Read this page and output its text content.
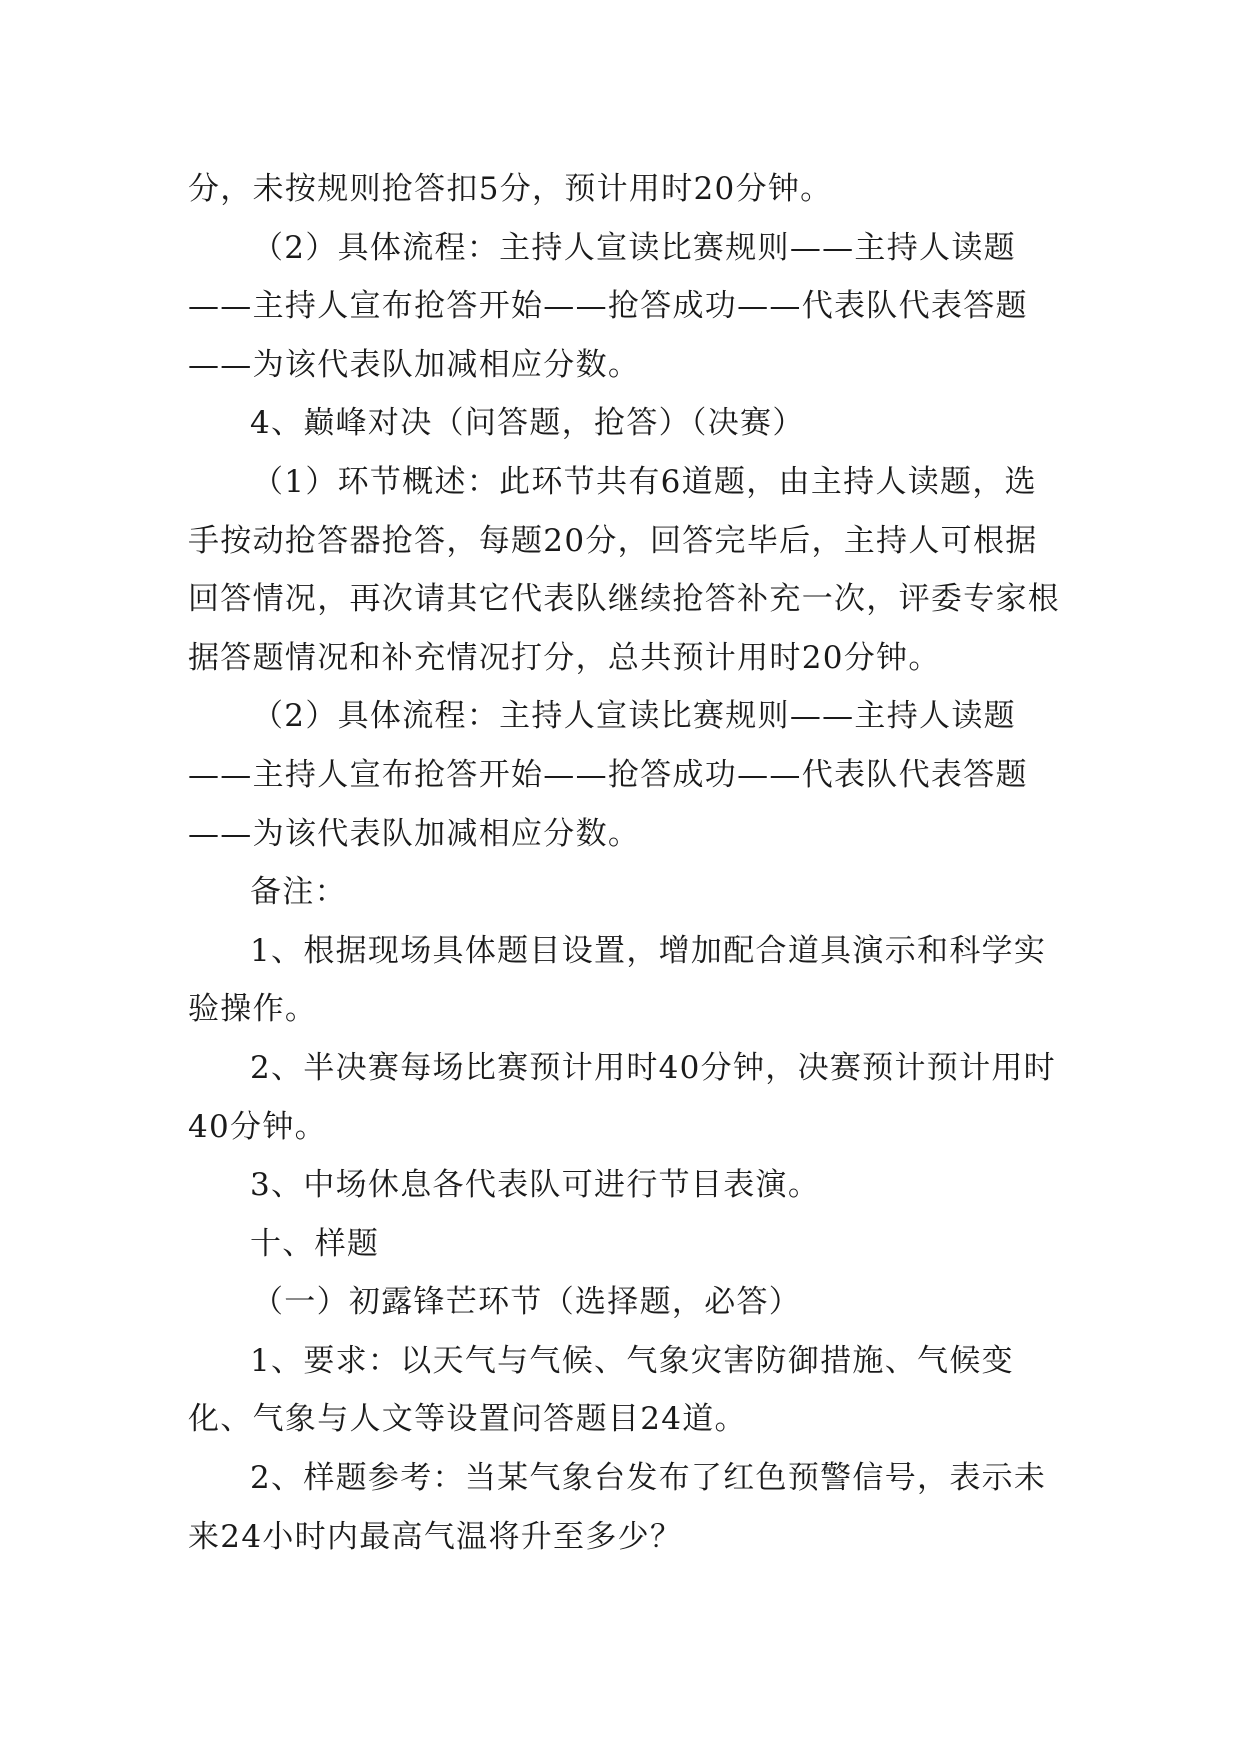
分，未按规则抢答扣5分，预计用时20分钟。

（2）具体流程：主持人宣读比赛规则——主持人读题——主持人宣布抢答开始——抢答成功——代表队代表答题——为该代表队加减相应分数。

4、巅峰对决（问答题，抢答）（决赛）

（1）环节概述：此环节共有6道题，由主持人读题，选手按动抢答器抢答，每题20分，回答完毕后，主持人可根据回答情况，再次请其它代表队继续抢答补充一次，评委专家根据答题情况和补充情况打分，总共预计用时20分钟。

（2）具体流程：主持人宣读比赛规则——主持人读题——主持人宣布抢答开始——抢答成功——代表队代表答题——为该代表队加减相应分数。

备注：

1、根据现场具体题目设置，增加配合道具演示和科学实验操作。

2、半决赛每场比赛预计用时40分钟，决赛预计预计用时40分钟。

3、中场休息各代表队可进行节目表演。

十、样题

（一）初露锋芒环节（选择题，必答）

1、要求：以天气与气候、气象灾害防御措施、气候变化、气象与人文等设置问答题目24道。

2、样题参考：当某气象台发布了红色预警信号，表示未来24小时内最高气温将升至多少？
